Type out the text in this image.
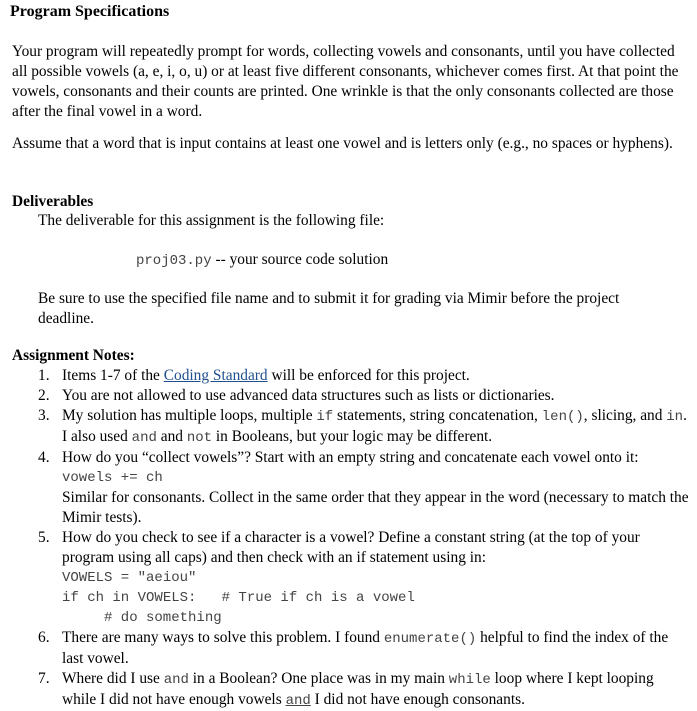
Program Specifications
Your program will repeatedly prompt for words, collecting vowels and consonants, until you have collected all possible vowels (a, e, i, o, u) or at least five different consonants, whichever comes first. At that point the vowels, consonants and their counts are printed. One wrinkle is that the only consonants collected are those after the final vowel in a word.
Assume that a word that is input contains at least one vowel and is letters only (e.g., no spaces or hyphens).
Deliverables
The deliverable for this assignment is the following file:
proj03.py -- your source code solution
Be sure to use the specified file name and to submit it for grading via Mimir before the project deadline.
Assignment Notes:
1. Items 1-7 of the Coding Standard will be enforced for this project.
2. You are not allowed to use advanced data structures such as lists or dictionaries.
3. My solution has multiple loops, multiple if statements, string concatenation, len(), slicing, and in. I also used and and not in Booleans, but your logic may be different.
4. How do you “collect vowels”? Start with an empty string and concatenate each vowel onto it:
vowels += ch
Similar for consonants. Collect in the same order that they appear in the word (necessary to match the Mimir tests).
5. How do you check to see if a character is a vowel? Define a constant string (at the top of your program using all caps) and then check with an if statement using in:
VOWELS = "aeiou"
if ch in VOWELS:   # True if ch is a vowel
# do something
6. There are many ways to solve this problem. I found enumerate() helpful to find the index of the last vowel.
7. Where did I use and in a Boolean? One place was in my main while loop where I kept looping while I did not have enough vowels and I did not have enough consonants.
